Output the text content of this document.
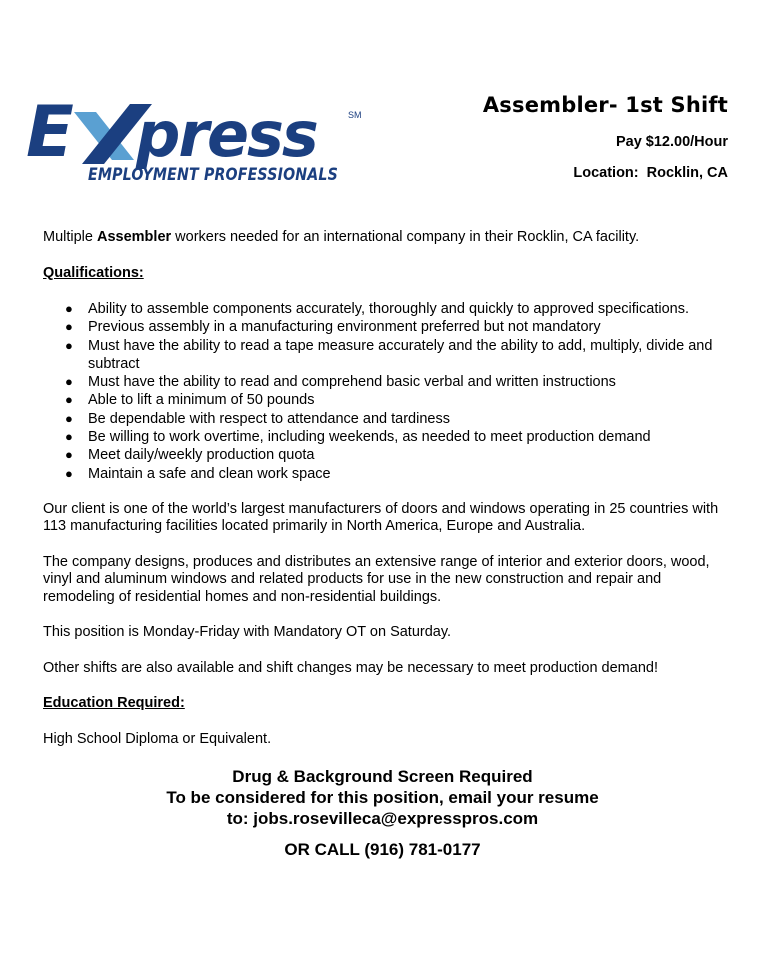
E press	SM
EMPLOYMENT PROFESSIONALS
Assembler- 1st Shift
Pay $12.00/Hour
Location: Rocklin, CA

Multiple Assembler workers needed for an international company in their Rocklin, CA facility.

Qualifications:

● Ability to assemble components accurately, thoroughly and quickly to approved specifications.
● Previous assembly in a manufacturing environment preferred but not mandatory
● Must have the ability to read a tape measure accurately and the ability to add, multiply, divide and subtract
● Must have the ability to read and comprehend basic verbal and written instructions
● Able to lift a minimum of 50 pounds
● Be dependable with respect to attendance and tardiness
● Be willing to work overtime, including weekends, as needed to meet production demand
● Meet daily/weekly production quota
● Maintain a safe and clean work space

Our client is one of the world’s largest manufacturers of doors and windows operating in 25 countries with 113 manufacturing facilities located primarily in North America, Europe and Australia.

The company designs, produces and distributes an extensive range of interior and exterior doors, wood, vinyl and aluminum windows and related products for use in the new construction and repair and remodeling of residential homes and non-residential buildings.

This position is Monday-Friday with Mandatory OT on Saturday.

Other shifts are also available and shift changes may be necessary to meet production demand!

Education Required:

High School Diploma or Equivalent.

Drug & Background Screen Required
To be considered for this position, email your resume
to: jobs.rosevilleca@expresspros.com
OR CALL (916) 781-0177
